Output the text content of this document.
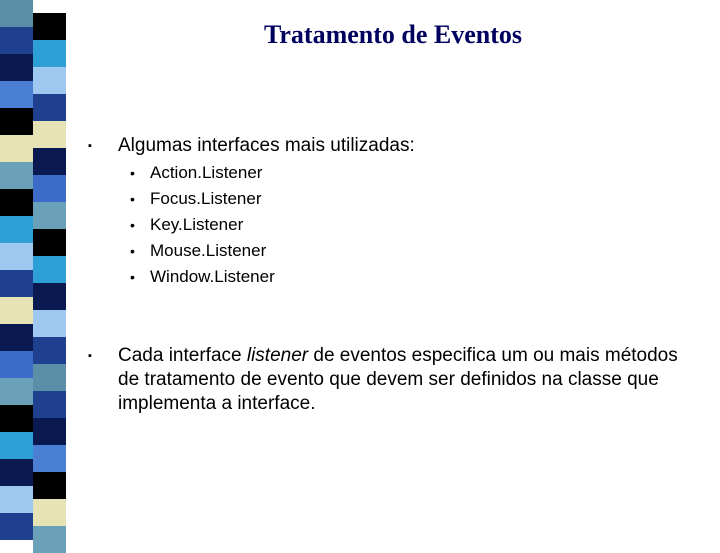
Tratamento de Eventos
▪ Algumas interfaces mais utilizadas:
• Action.Listener
• Focus.Listener
• Key.Listener
• Mouse.Listener
• Window.Listener
▪ Cada interface listener de eventos especifica um ou mais métodos de tratamento de evento que devem ser definidos na classe que implementa a interface.
